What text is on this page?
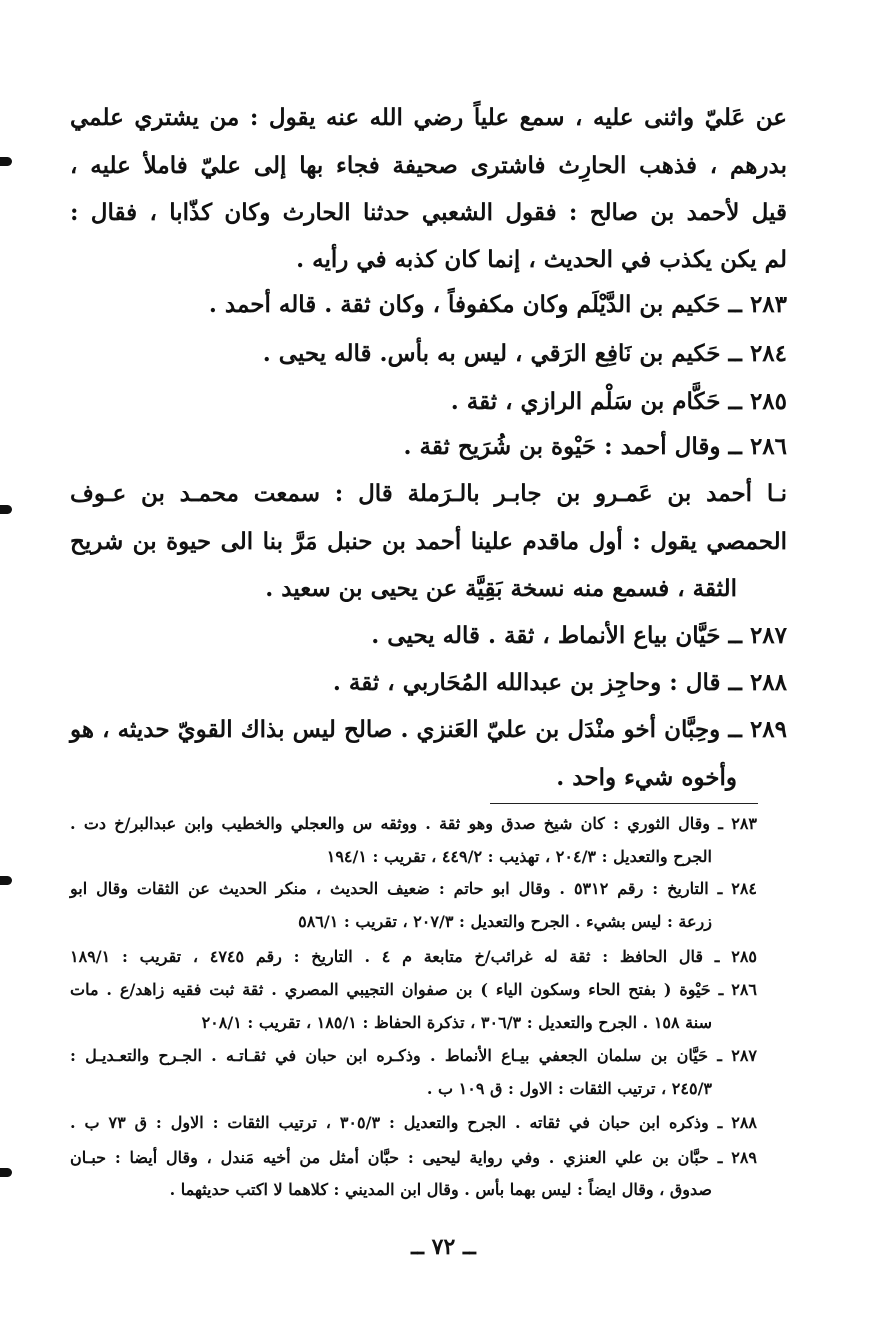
عن عَليّ واثنى عليه ، سمع علياً رضي الله عنه يقول : من يشتري علمي
بدرهم ، فذهب الحارِث فاشترى صحيفة فجاء بها إلى عليّ فاملأ عليه ،
قيل لأحمد بن صالح : فقول الشعبي حدثنا الحارث وكان كذّابا ، فقال :
لم يكن يكذب في الحديث ، إنما كان كذبه في رأيه .
٢٨٣ ــ حَكيم بن الدَّيْلَم وكان مكفوفاً ، وكان ثقة . قاله أحمد .
٢٨٤ ــ حَكيم بن نَافِع الرَقي ، ليس به بأس. قاله يحيى .
٢٨٥ ــ حَكَّام بن سَلْم الرازي ، ثقة .
٢٨٦ ــ وقال أحمد : حَيْوة بن شُرَيح ثقة .
نـا أحمد بن عَمـرو بن جابـر بالـرَملة قال : سمعت محمـد بن عـوف
الحمصي يقول : أول ماقدم علينا أحمد بن حنبل مَرَّ بنا الى حيوة بن شريح
الثقة ، فسمع منه نسخة بَقِيَّة عن يحيى بن سعيد .
٢٨٧ ــ حَيَّان بياع الأنماط ، ثقة . قاله يحيى .
٢٨٨ ــ قال : وحاجِز بن عبدالله المُحَاربي ، ثقة .
٢٨٩ ــ وحِبَّان أخو منْدَل بن عليّ العَنزي . صالح ليس بذاك القويّ حديثه ، هو
وأخوه شيء واحد .
٢٨٣ ـ وقال الثوري : كان شيخ صدق وهو ثقة . ووثقه س والعجلي والخطيب وابن عبدالبر/خ دت .
الجرح والتعديل : ٢٠٤/٣ ، تهذيب : ٤٤٩/٢ ، تقريب : ١٩٤/١
٢٨٤ ـ التاريخ : رقم ٥٣١٢ . وقال ابو حاتم : ضعيف الحديث ، منكر الحديث عن الثقات وقال ابو
زرعة : ليس بشيء . الجرح والتعديل : ٢٠٧/٣ ، تقريب : ٥٨٦/١
٢٨٥ ـ قال الحافظ : ثقة له غرائب/خ متابعة م ٤ . التاريخ : رقم ٤٧٤٥ ، تقريب : ١٨٩/١
٢٨٦ ـ حَيْوة ( بفتح الحاء وسكون الياء ) بن صفوان التجيبي المصري . ثقة ثبت فقيه زاهد/ع . مات
سنة ١٥٨ . الجرح والتعديل : ٣٠٦/٣ ، تذكرة الحفاظ : ١٨٥/١ ، تقريب : ٢٠٨/١
٢٨٧ ـ حَيَّان بن سلمان الجعفي بيـاع الأنماط . وذكـره ابن حبان في ثقـاتـه . الجـرح والتعـديـل :
٢٤٥/٣ ، ترتيب الثقات : الاول : ق ١٠٩ ب .
٢٨٨ ـ وذكره ابن حبان في ثقاته . الجرح والتعديل : ٣٠٥/٣ ، ترتيب الثقات : الاول : ق ٧٣ ب .
٢٨٩ ـ حبَّان بن علي العنزي . وفي رواية ليحيى : حبَّان أمثل من أخيه مَندل ، وقال أيضا : حبـان
صدوق ، وقال ايضاً : ليس بهما بأس . وقال ابن المديني : كلاهما لا اكتب حديثهما .
ــ ٧٢ ــ
